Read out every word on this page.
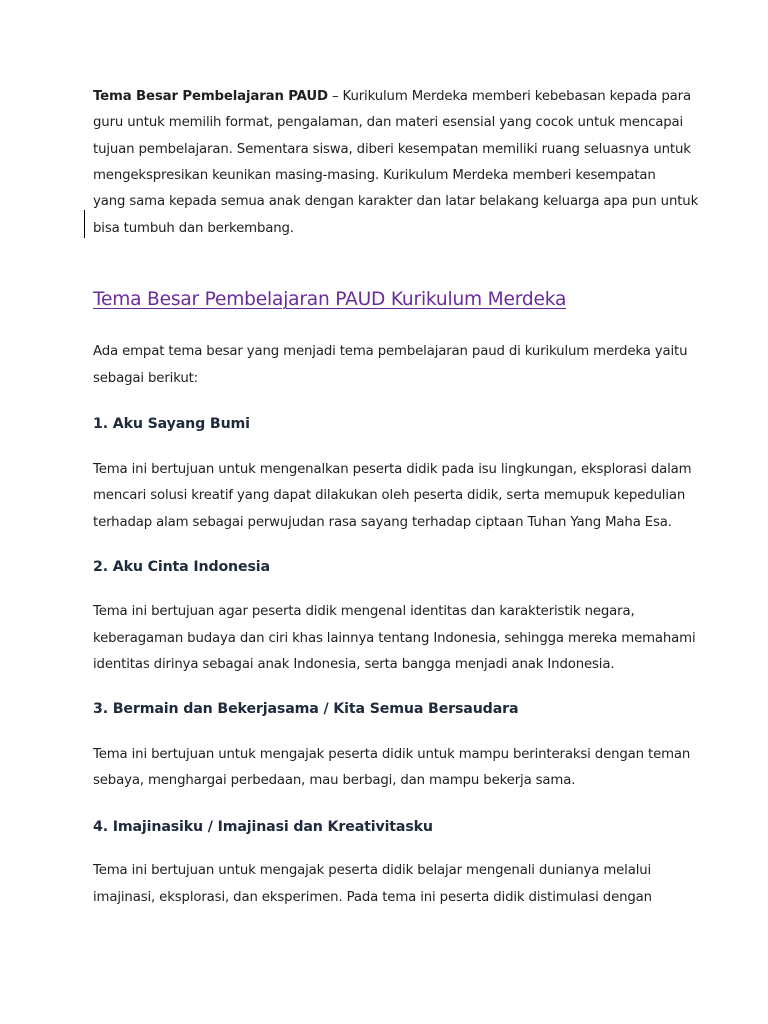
Tema Besar Pembelajaran PAUD – Kurikulum Merdeka memberi kebebasan kepada para
guru untuk memilih format, pengalaman, dan materi esensial yang cocok untuk mencapai
tujuan pembelajaran. Sementara siswa, diberi kesempatan memiliki ruang seluasnya untuk
mengekspresikan keunikan masing-masing. Kurikulum Merdeka memberi kesempatan
yang sama kepada semua anak dengan karakter dan latar belakang keluarga apa pun untuk
bisa tumbuh dan berkembang.
Tema Besar Pembelajaran PAUD Kurikulum Merdeka
Ada empat tema besar yang menjadi tema pembelajaran paud di kurikulum merdeka yaitu
sebagai berikut:
1. Aku Sayang Bumi
Tema ini bertujuan untuk mengenalkan peserta didik pada isu lingkungan, eksplorasi dalam
mencari solusi kreatif yang dapat dilakukan oleh peserta didik, serta memupuk kepedulian
terhadap alam sebagai perwujudan rasa sayang terhadap ciptaan Tuhan Yang Maha Esa.
2. Aku Cinta Indonesia
Tema ini bertujuan agar peserta didik mengenal identitas dan karakteristik negara,
keberagaman budaya dan ciri khas lainnya tentang Indonesia, sehingga mereka memahami
identitas dirinya sebagai anak Indonesia, serta bangga menjadi anak Indonesia.
3. Bermain dan Bekerjasama / Kita Semua Bersaudara
Tema ini bertujuan untuk mengajak peserta didik untuk mampu berinteraksi dengan teman
sebaya, menghargai perbedaan, mau berbagi, dan mampu bekerja sama.
4. Imajinasiku / Imajinasi dan Kreativitasku
Tema ini bertujuan untuk mengajak peserta didik belajar mengenali dunianya melalui
imajinasi, eksplorasi, dan eksperimen. Pada tema ini peserta didik distimulasi dengan
